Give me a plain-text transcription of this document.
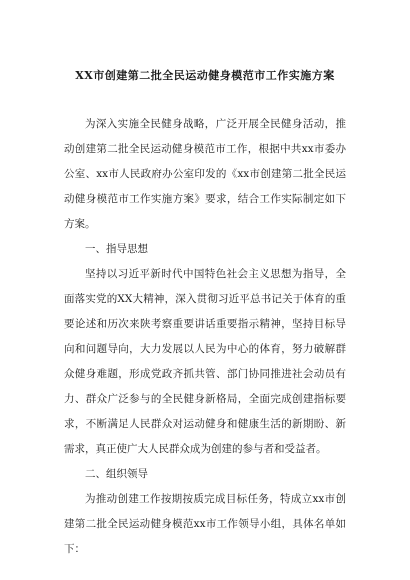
XX市创建第二批全民运动健身模范市工作实施方案

为深入实施全民健身战略，广泛开展全民健身活动，推动创建第二批全民运动健身模范市工作，根据中共xx市委办公室、xx市人民政府办公室印发的《xx市创建第二批全民运动健身模范市工作实施方案》要求，结合工作实际制定如下方案。

一、指导思想

坚持以习近平新时代中国特色社会主义思想为指导，全面落实党的XX大精神，深入贯彻习近平总书记关于体育的重要论述和历次来陕考察重要讲话重要指示精神，坚持目标导向和问题导向，大力发展以人民为中心的体育，努力破解群众健身难题，形成党政齐抓共管、部门协同推进社会动员有力、群众广泛参与的全民健身新格局，全面完成创建指标要求，不断满足人民群众对运动健身和健康生活的新期盼、新需求，真正使广大人民群众成为创建的参与者和受益者。

二、组织领导

为推动创建工作按期按质完成目标任务，特成立xx市创建第二批全民运动健身模范xx市工作领导小组，具体名单如下：
